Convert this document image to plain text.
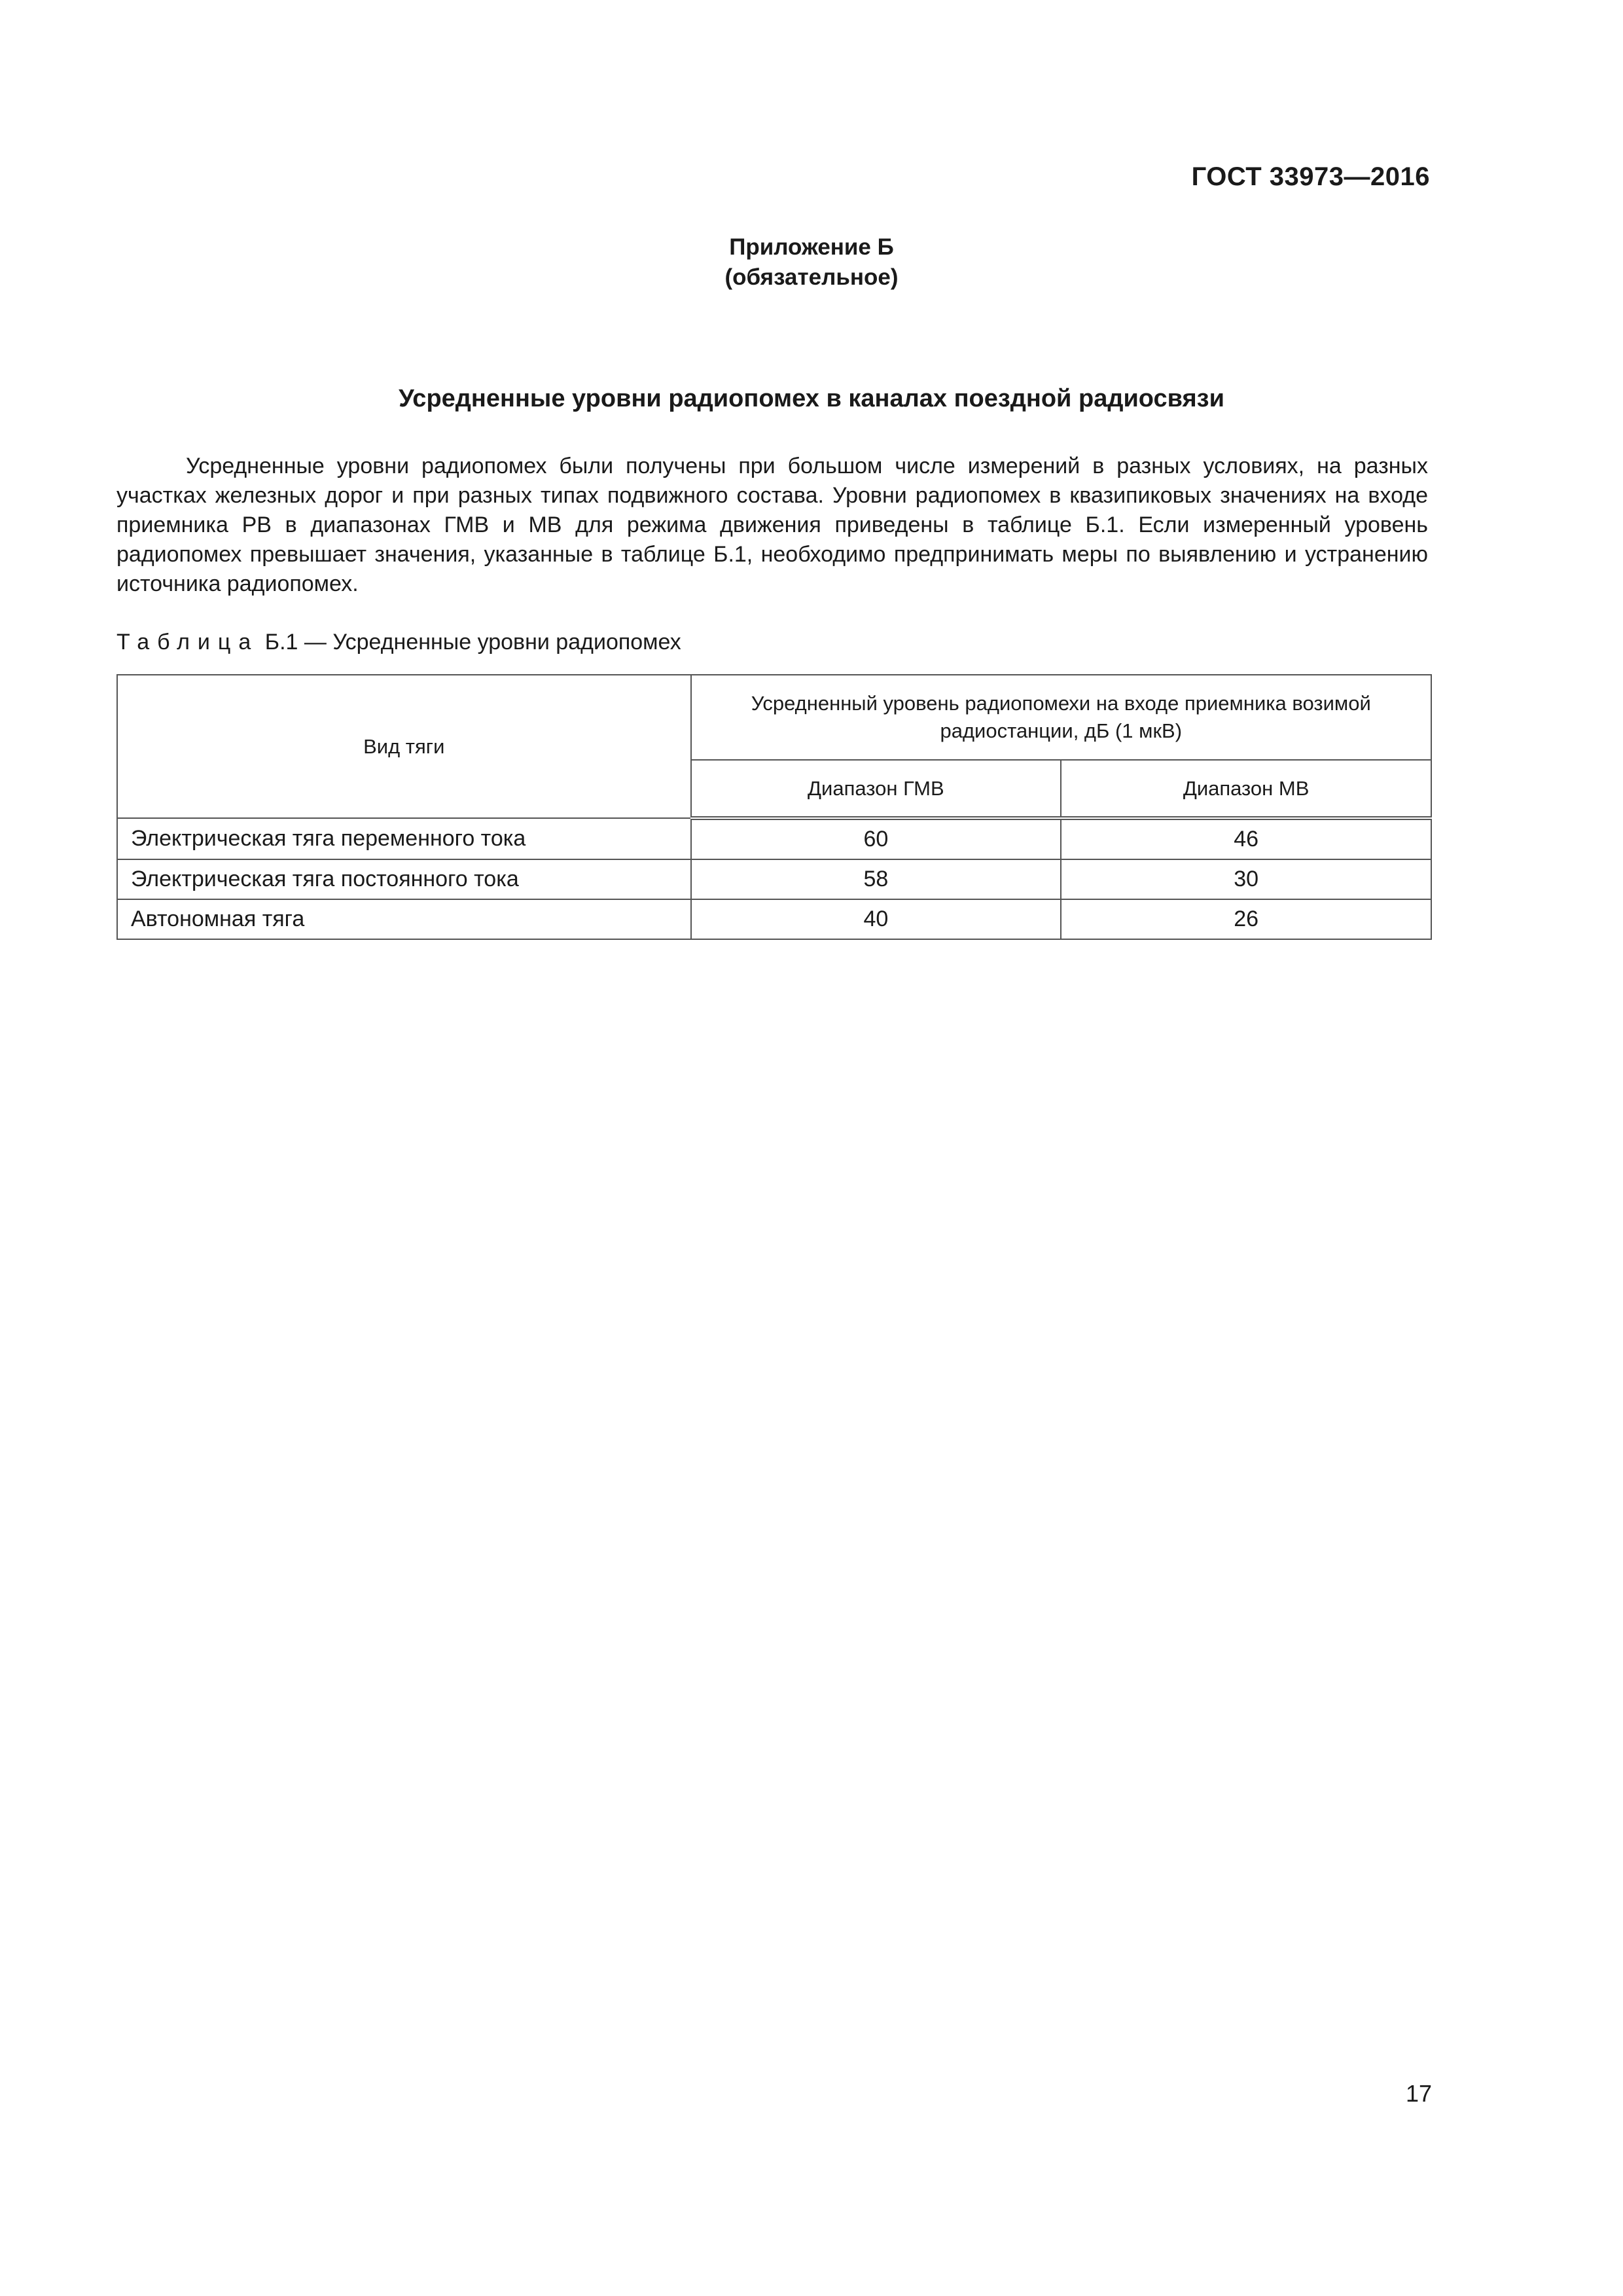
ГОСТ 33973—2016
Приложение Б
(обязательное)
Усредненные уровни радиопомех в каналах поездной радиосвязи

Усредненные уровни радиопомех были получены при большом числе измерений в разных условиях, на разных участках железных дорог и при разных типах подвижного состава. Уровни радиопомех в квазипиковых значениях на входе приемника РВ в диапазонах ГМВ и МВ для режима движения приведены в таблице Б.1. Если измеренный уровень радиопомех превышает значения, указанные в таблице Б.1, необходимо предпринимать меры по выявлению и устранению источника радиопомех.

Таблица Б.1 — Усредненные уровни радиопомех
Вид тяги	Усредненный уровень радиопомехи на входе приемника возимой радиостанции, дБ (1 мкВ)	
	Диапазон ГМВ	Диапазон МВ
Электрическая тяга переменного тока	60	46
Электрическая тяга постоянного тока	58	30
Автономная тяга	40	26
17
